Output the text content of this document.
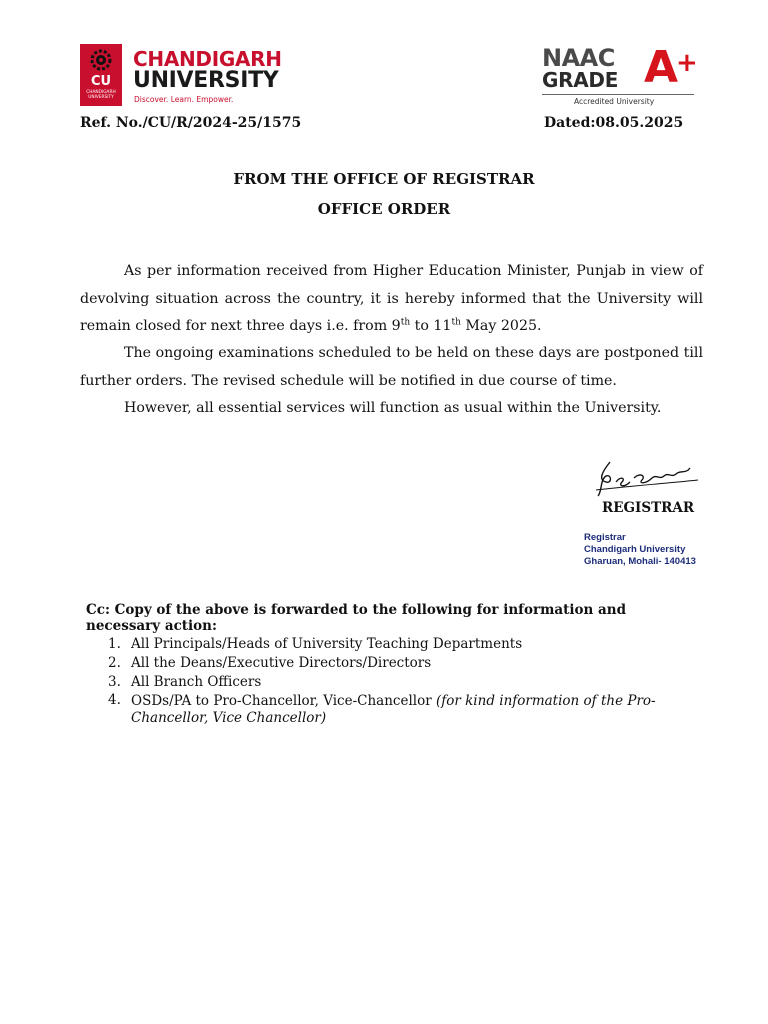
CU
CHANDIGARH UNIVERSITY
CHANDIGARH
UNIVERSITY
Discover. Learn. Empower.
NAAC
GRADE A
+
Accredited University
Ref. No./CU/R/2024-25/1575	Dated:08.05.2025
FROM THE OFFICE OF REGISTRAR
OFFICE ORDER

As per information received from Higher Education Minister, Punjab in view of devolving situation across the country, it is hereby informed that the University will remain closed for next three days i.e. from 9th to 11th May 2025.

The ongoing examinations scheduled to be held on these days are postponed till further orders. The revised schedule will be notified in due course of time.

However, all essential services will function as usual within the University.

REGISTRAR
Registrar
Chandigarh University
Gharuan, Mohali- 140413
Cc: Copy of the above is forwarded to the following for information and necessary action:
1. All Principals/Heads of University Teaching Departments
2. All the Deans/Executive Directors/Directors
3. All Branch Officers
4. OSDs/PA to Pro-Chancellor, Vice-Chancellor (for kind information of the Pro-Chancellor, Vice Chancellor)
